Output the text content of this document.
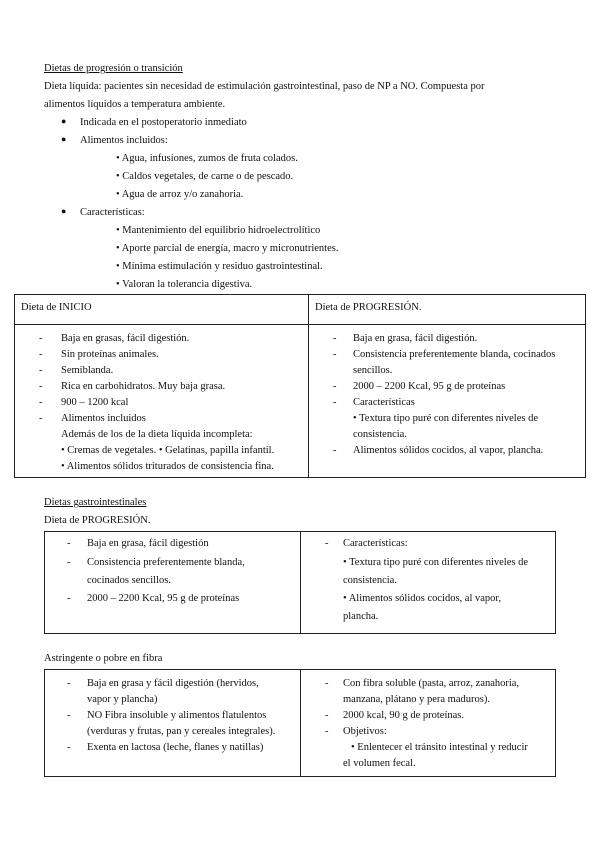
Dietas de progresión o transición
Dieta líquida: pacientes sin necesidad de estimulación gastrointestinal, paso de NP a NO. Compuesta por
alimentos líquidos a temperatura ambiente.
● Indicada en el postoperatorio inmediato
● Alimentos incluidos:
• Agua, infusiones, zumos de fruta colados.
• Caldos vegetales, de carne o de pescado.
• Agua de arroz y/o zanahoria.
● Características:
• Mantenimiento del equilibrio hidroelectrolítico
• Aporte parcial de energía, macro y micronutrientes.
• Mínima estimulación y residuo gastrointestinal.
• Valoran la tolerancia digestiva.
Dieta de INICIO	Dieta de PROGRESIÓN.
- Baja en grasas, fácil digestión.
- Sin proteínas animales.
- Semiblanda.
- Rica en carbohidratos. Muy baja grasa.
- 900 – 1200 kcal
- Alimentos incluidos
Además de los de la dieta líquida incompleta:
• Cremas de vegetales. • Gelatinas, papilla infantil.
• Alimentos sólidos triturados de consistencia fina.
- Baja en grasa, fácil digestión.
- Consistencia preferentemente blanda, cocinados
sencillos.
- 2000 – 2200 Kcal, 95 g de proteínas
- Características
• Textura tipo puré con diferentes niveles de
consistencia.
- Alimentos sólidos cocidos, al vapor, plancha.
Dietas gastrointestinales
Dieta de PROGRESIÓN.
- Baja en grasa, fácil digestión
- Consistencia preferentemente blanda,
cocinados sencillos.
- 2000 – 2200 Kcal, 95 g de proteínas
- Características:
• Textura tipo puré con diferentes niveles de
consistencia.
• Alimentos sólidos cocidos, al vapor,
plancha.
Astringente o pobre en fibra
- Baja en grasa y fácil digestión (hervidos,
vapor y plancha)
- NO Fibra insoluble y alimentos flatulentos
(verduras y frutas, pan y cereales integrales).
- Exenta en lactosa (leche, flanes y natillas)
- Con fibra soluble (pasta, arroz, zanahoria,
manzana, plátano y pera maduros).
- 2000 kcal, 90 g de proteínas.
- Objetivos:
• Enlentecer el tránsito intestinal y reducir
el volumen fecal.
